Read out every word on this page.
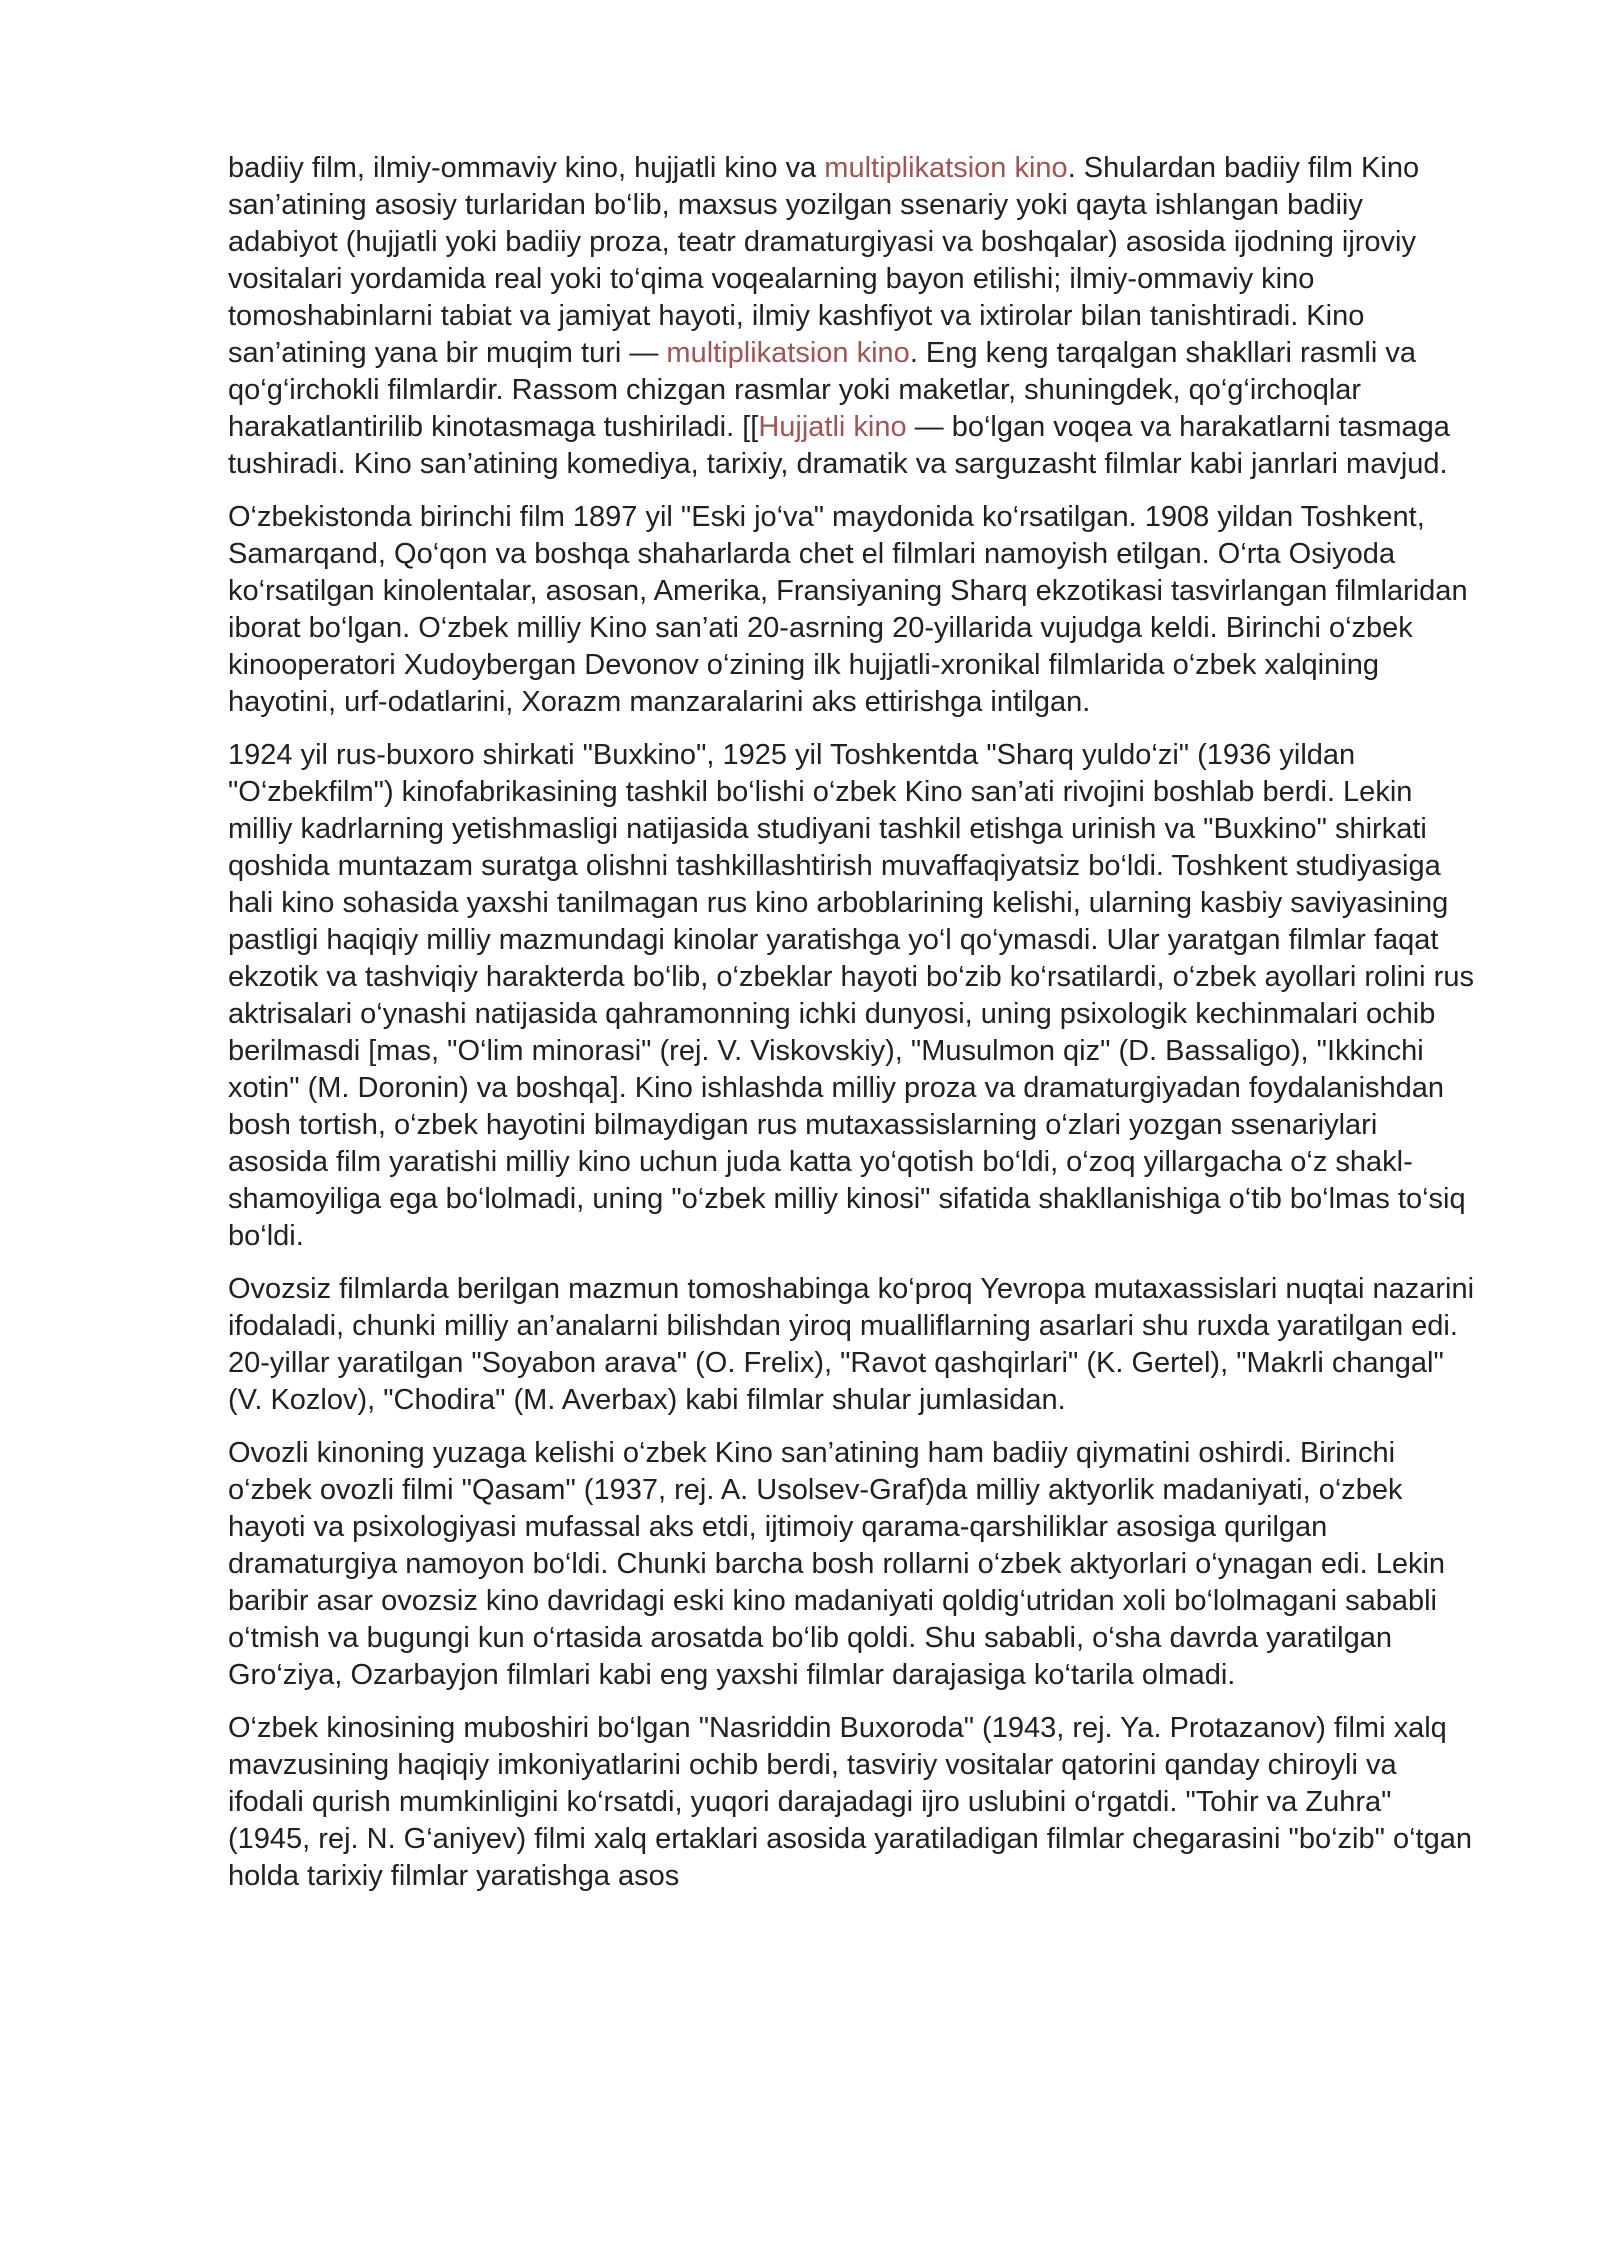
badiiy film, ilmiy-ommaviy kino, hujjatli kino va multiplikatsion kino. Shulardan badiiy film Kino san’atining asosiy turlaridan bo‘lib, maxsus yozilgan ssenariy yoki qayta ishlangan badiiy adabiyot (hujjatli yoki badiiy proza, teatr dramaturgiyasi va boshqalar) asosida ijodning ijroviy vositalari yordamida real yoki to‘qima voqealarning bayon etilishi; ilmiy-ommaviy kino tomoshabinlarni tabiat va jamiyat hayoti, ilmiy kashfiyot va ixtirolar bilan tanishtiradi. Kino san’atining yana bir muqim turi — multiplikatsion kino. Eng keng tarqalgan shakllari rasmli va qo‘g‘irchokli filmlardir. Rassom chizgan rasmlar yoki maketlar, shuningdek, qo‘g‘irchoqlar harakatlantirilib kinotasmaga tushiriladi. [[Hujjatli kino — bo‘lgan voqea va harakatlarni tasmaga tushiradi. Kino san’atining komediya, tarixiy, dramatik va sarguzasht filmlar kabi janrlari mavjud.

O‘zbekistonda birinchi film 1897 yil "Eski jo‘va" maydonida ko‘rsatilgan. 1908 yildan Toshkent, Samarqand, Qo‘qon va boshqa shaharlarda chet el filmlari namoyish etilgan. O‘rta Osiyoda ko‘rsatilgan kinolentalar, asosan, Amerika, Fransiyaning Sharq ekzotikasi tasvirlangan filmlaridan iborat bo‘lgan. O‘zbek milliy Kino san’ati 20-asrning 20-yillarida vujudga keldi. Birinchi o‘zbek kinooperatori Xudoybergan Devonov o‘zining ilk hujjatli-xronikal filmlarida o‘zbek xalqining hayotini, urf-odatlarini, Xorazm manzaralarini aks ettirishga intilgan.

1924 yil rus-buxoro shirkati "Buxkino", 1925 yil Toshkentda "Sharq yuldo‘zi" (1936 yildan "O‘zbekfilm") kinofabrikasining tashkil bo‘lishi o‘zbek Kino san’ati rivojini boshlab berdi. Lekin milliy kadrlarning yetishmasligi natijasida studiyani tashkil etishga urinish va "Buxkino" shirkati qoshida muntazam suratga olishni tashkillashtirish muvaffaqiyatsiz bo‘ldi. Toshkent studiyasiga hali kino sohasida yaxshi tanilmagan rus kino arboblarining kelishi, ularning kasbiy saviyasining pastligi haqiqiy milliy mazmundagi kinolar yaratishga yo‘l qo‘ymasdi. Ular yaratgan filmlar faqat ekzotik va tashviqiy harakterda bo‘lib, o‘zbeklar hayoti bo‘zib ko‘rsatilardi, o‘zbek ayollari rolini rus aktrisalari o‘ynashi natijasida qahramonning ichki dunyosi, uning psixologik kechinmalari ochib berilmasdi [mas, "O‘lim minorasi" (rej. V. Viskovskiy), "Musulmon qiz" (D. Bassaligo), "Ikkinchi xotin" (M. Doronin) va boshqa]. Kino ishlashda milliy proza va dramaturgiyadan foydalanishdan bosh tortish, o‘zbek hayotini bilmaydigan rus mutaxassislarning o‘zlari yozgan ssenariylari asosida film yaratishi milliy kino uchun juda katta yo‘qotish bo‘ldi, o‘zoq yillargacha o‘z shakl-shamoyiliga ega bo‘lolmadi, uning "o‘zbek milliy kinosi" sifatida shakllanishiga o‘tib bo‘lmas to‘siq bo‘ldi.

Ovozsiz filmlarda berilgan mazmun tomoshabinga ko‘proq Yevropa mutaxassislari nuqtai nazarini ifodaladi, chunki milliy an’analarni bilishdan yiroq mualliflarning asarlari shu ruxda yaratilgan edi. 20-yillar yaratilgan "Soyabon arava" (O. Frelix), "Ravot qashqirlari" (K. Gertel), "Makrli changal" (V. Kozlov), "Chodira" (M. Averbax) kabi filmlar shular jumlasidan.

Ovozli kinoning yuzaga kelishi o‘zbek Kino san’atining ham badiiy qiymatini oshirdi. Birinchi o‘zbek ovozli filmi "Qasam" (1937, rej. A. Usolsev-Graf)da milliy aktyorlik madaniyati, o‘zbek hayoti va psixologiyasi mufassal aks etdi, ijtimoiy qarama-qarshiliklar asosiga qurilgan dramaturgiya namoyon bo‘ldi. Chunki barcha bosh rollarni o‘zbek aktyorlari o‘ynagan edi. Lekin baribir asar ovozsiz kino davridagi eski kino madaniyati qoldig‘utridan xoli bo‘lolmagani sababli o‘tmish va bugungi kun o‘rtasida arosatda bo‘lib qoldi. Shu sababli, o‘sha davrda yaratilgan Gro‘ziya, Ozarbayjon filmlari kabi eng yaxshi filmlar darajasiga ko‘tarila olmadi.

O‘zbek kinosining muboshiri bo‘lgan "Nasriddin Buxoroda" (1943, rej. Ya. Protazanov) filmi xalq mavzusining haqiqiy imkoniyatlarini ochib berdi, tasviriy vositalar qatorini qanday chiroyli va ifodali qurish mumkinligini ko‘rsatdi, yuqori darajadagi ijro uslubini o‘rgatdi. "Tohir va Zuhra" (1945, rej. N. G‘aniyev) filmi xalq ertaklari asosida yaratiladigan filmlar chegarasini "bo‘zib" o‘tgan holda tarixiy filmlar yaratishga asos
